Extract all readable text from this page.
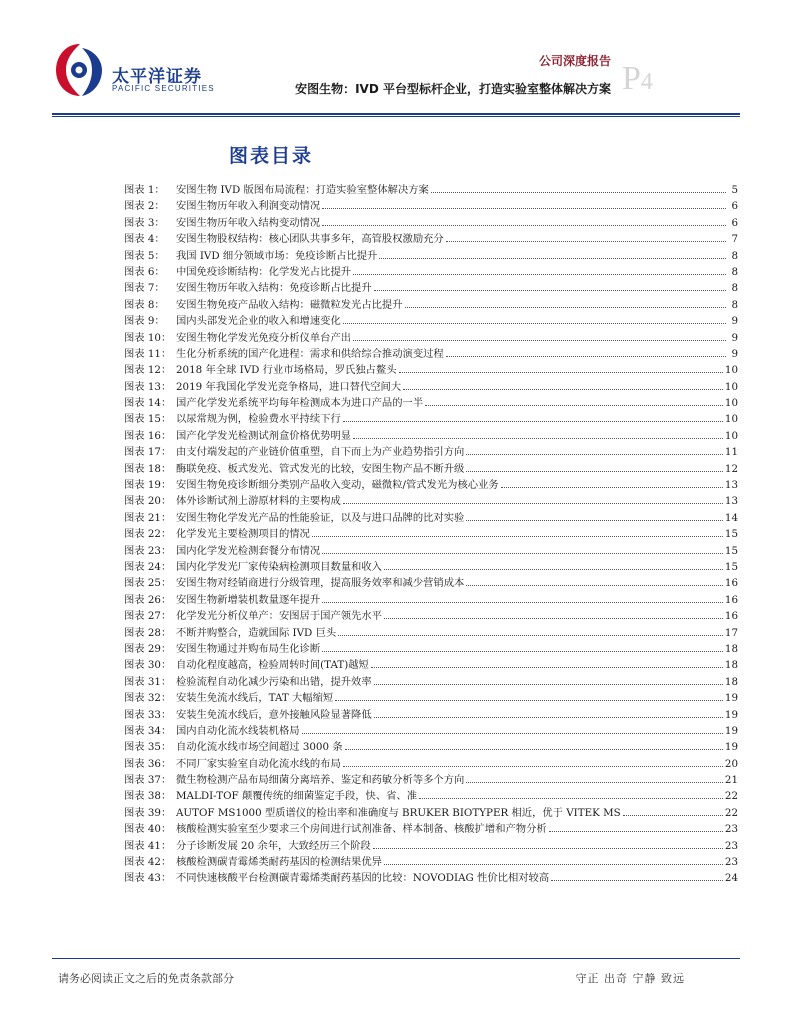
太平洋证券
PACIFIC SECURITIES
公司深度报告 P4
安图生物：IVD 平台型标杆企业，打造实验室整体解决方案
图表目录
图表 1：	安图生物 IVD 版图布局流程：打造实验室整体解决方案	5
图表 2：	安图生物历年收入利润变动情况	6
图表 3：	安图生物历年收入结构变动情况	6
图表 4：	安图生物股权结构：核心团队共事多年，高管股权激励充分	7
图表 5：	我国 IVD 细分领域市场：免疫诊断占比提升	8
图表 6：	中国免疫诊断结构：化学发光占比提升	8
图表 7：	安图生物历年收入结构：免疫诊断占比提升	8
图表 8：	安图生物免疫产品收入结构：磁微粒发光占比提升	8
图表 9：	国内头部发光企业的收入和增速变化	9
图表 10： 安图生物化学发光免疫分析仪单台产出	9
图表 11： 生化分析系统的国产化进程：需求和供给综合推动演变过程	9
图表 12： 2018 年全球 IVD 行业市场格局，罗氏独占鳌头	10
图表 13： 2019 年我国化学发光竞争格局，进口替代空间大	10
图表 14： 国产化学发光系统平均每年检测成本为进口产品的一半	10
图表 15： 以尿常规为例，检验费水平持续下行	10
图表 16： 国产化学发光检测试剂盒价格优势明显	10
图表 17： 由支付端发起的产业链价值重塑，自下而上为产业趋势指引方向	11
图表 18： 酶联免疫、板式发光、管式发光的比较，安图生物产品不断升级	12
图表 19： 安图生物免疫诊断细分类别产品收入变动，磁微粒/管式发光为核心业务	13
图表 20： 体外诊断试剂上游原材料的主要构成	13
图表 21： 安图生物化学发光产品的性能验证，以及与进口品牌的比对实验	14
图表 22： 化学发光主要检测项目的情况	15
图表 23： 国内化学发光检测套餐分布情况	15
图表 24： 国内化学发光厂家传染病检测项目数量和收入	15
图表 25： 安图生物对经销商进行分级管理，提高服务效率和减少营销成本	16
图表 26： 安图生物新增装机数量逐年提升	16
图表 27： 化学发光分析仪单产：安图居于国产领先水平	16
图表 28： 不断并购整合，造就国际 IVD 巨头	17
图表 29： 安图生物通过并购布局生化诊断	18
图表 30： 自动化程度越高，检验周转时间(TAT)越短	18
图表 31： 检验流程自动化减少污染和出错，提升效率	18
图表 32： 安装生免流水线后，TAT 大幅缩短	19
图表 33： 安装生免流水线后，意外接触风险显著降低	19
图表 34： 国内自动化流水线装机格局	19
图表 35： 自动化流水线市场空间超过 3000 条	19
图表 36： 不同厂家实验室自动化流水线的布局	20
图表 37： 微生物检测产品布局细菌分离培养、鉴定和药敏分析等多个方向	21
图表 38： MALDI-TOF 颠覆传统的细菌鉴定手段，快、省、准	22
图表 39： AUTOF MS1000 型质谱仪的检出率和准确度与 BRUKER BIOTYPER 相近，优于 VITEK MS	22
图表 40： 核酸检测实验室至少要求三个房间进行试剂准备、样本制备、核酸扩增和产物分析	23
图表 41： 分子诊断发展 20 余年，大致经历三个阶段	23
图表 42： 核酸检测碳青霉烯类耐药基因的检测结果优异	23
图表 43： 不同快速核酸平台检测碳青霉烯类耐药基因的比较：NOVODIAG 性价比相对较高	24
请务必阅读正文之后的免责条款部分	守正 出奇 宁静 致远
